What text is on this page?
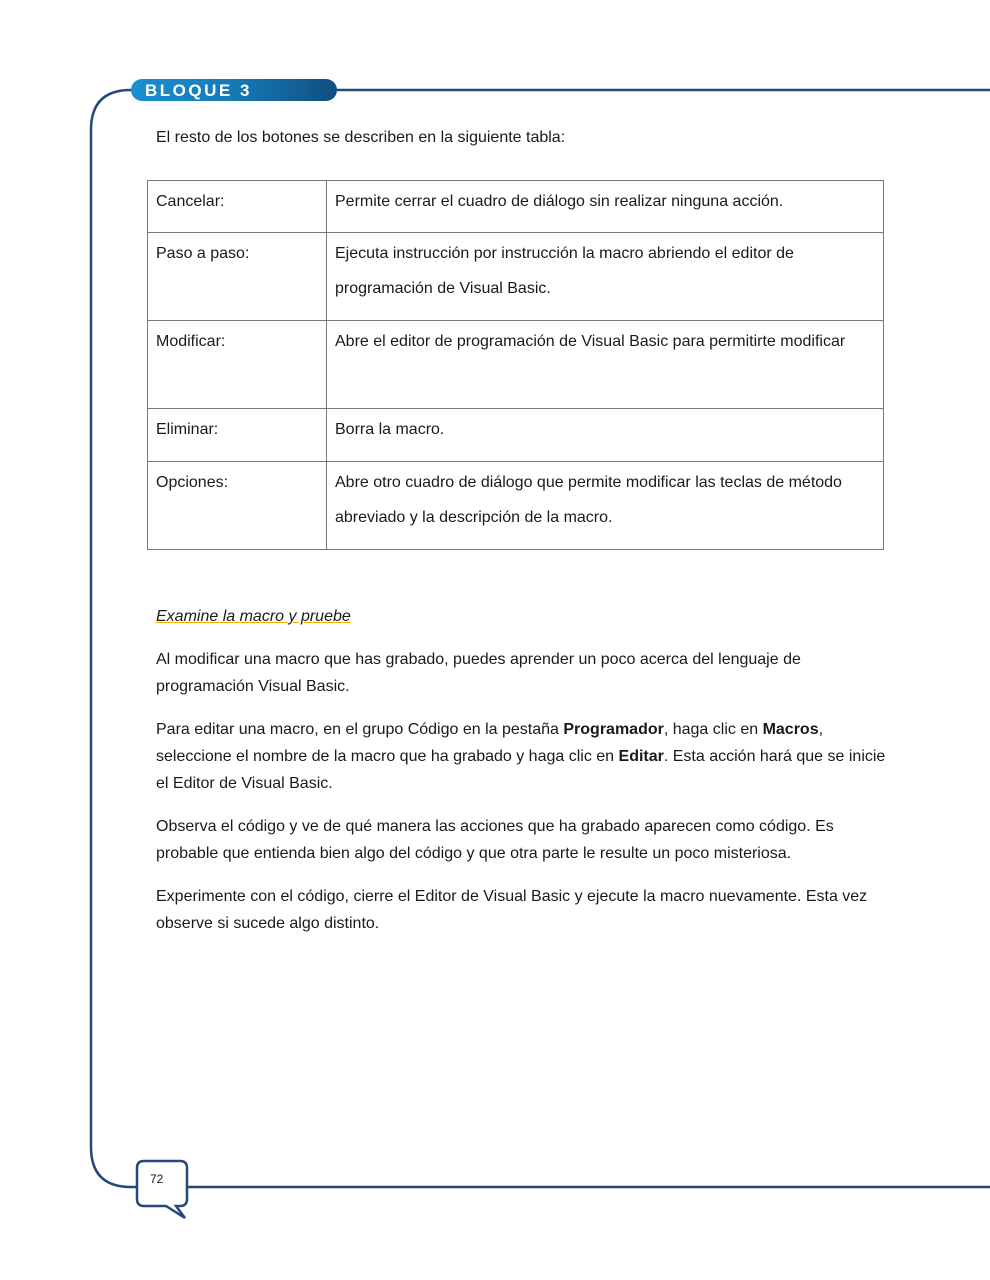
BLOQUE 3
El resto de los botones se describen en la siguiente tabla:
Cancelar:	Permite cerrar el cuadro de diálogo sin realizar ninguna acción.
Paso a paso:	Ejecuta instrucción por instrucción la macro abriendo el editor de programación de Visual Basic.
Modificar:	Abre el editor de programación de Visual Basic para permitirte modificar
Eliminar:	Borra la macro.
Opciones:	Abre otro cuadro de diálogo que permite modificar las teclas de método abreviado y la descripción de la macro.
Examine la macro y pruebe

Al modificar una macro que has grabado, puedes aprender un poco acerca del lenguaje de programación Visual Basic.

Para editar una macro, en el grupo Código en la pestaña Programador, haga clic en Macros, seleccione el nombre de la macro que ha grabado y haga clic en Editar. Esta acción hará que se inicie el Editor de Visual Basic.

Observa el código y ve de qué manera las acciones que ha grabado aparecen como código. Es probable que entienda bien algo del código y que otra parte le resulte un poco misteriosa.

Experimente con el código, cierre el Editor de Visual Basic y ejecute la macro nuevamente. Esta vez observe si sucede algo distinto.

72
